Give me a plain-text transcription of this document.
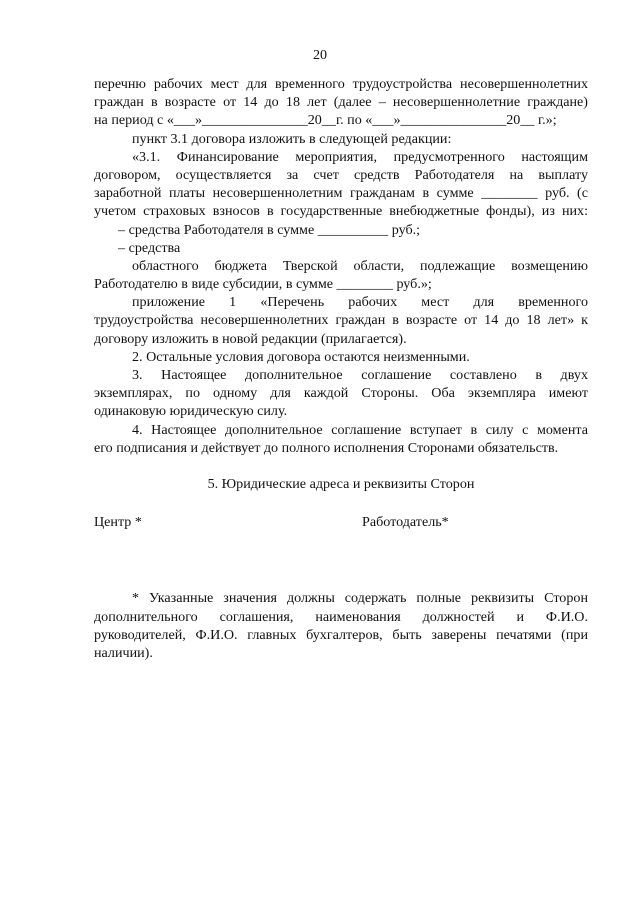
20
перечню рабочих мест для временного трудоустройства несовершеннолетних
граждан в возрасте от 14 до 18 лет (далее – несовершеннолетние граждане)
на период с «___»_______________20__г. по «___»_______________20__ г.»;
пункт 3.1 договора изложить в следующей редакции:
«3.1. Финансирование мероприятия, предусмотренного настоящим
договором, осуществляется за счет средств Работодателя на выплату
заработной платы несовершеннолетним гражданам в сумме ________ руб. (с
учетом страховых взносов в государственные внебюджетные фонды), из них:
– средства Работодателя в сумме __________ руб.;
– средства
областного бюджета Тверской области, подлежащие возмещению
Работодателю в виде субсидии, в сумме ________ руб.»;
приложение 1 «Перечень рабочих мест для временного
трудоустройства несовершеннолетних граждан в возрасте от 14 до 18 лет» к
договору изложить в новой редакции (прилагается).
2. Остальные условия договора остаются неизменными.
3. Настоящее дополнительное соглашение составлено в двух
экземплярах, по одному для каждой Стороны. Оба экземпляра имеют
одинаковую юридическую силу.
4. Настоящее дополнительное соглашение вступает в силу с момента
его подписания и действует до полного исполнения Сторонами обязательств.
5. Юридические адреса и реквизиты Сторон
Центр *	Работодатель*
* Указанные значения должны содержать полные реквизиты Сторон
дополнительного соглашения, наименования должностей и Ф.И.О.
руководителей, Ф.И.О. главных бухгалтеров, быть заверены печатями (при
наличии).
